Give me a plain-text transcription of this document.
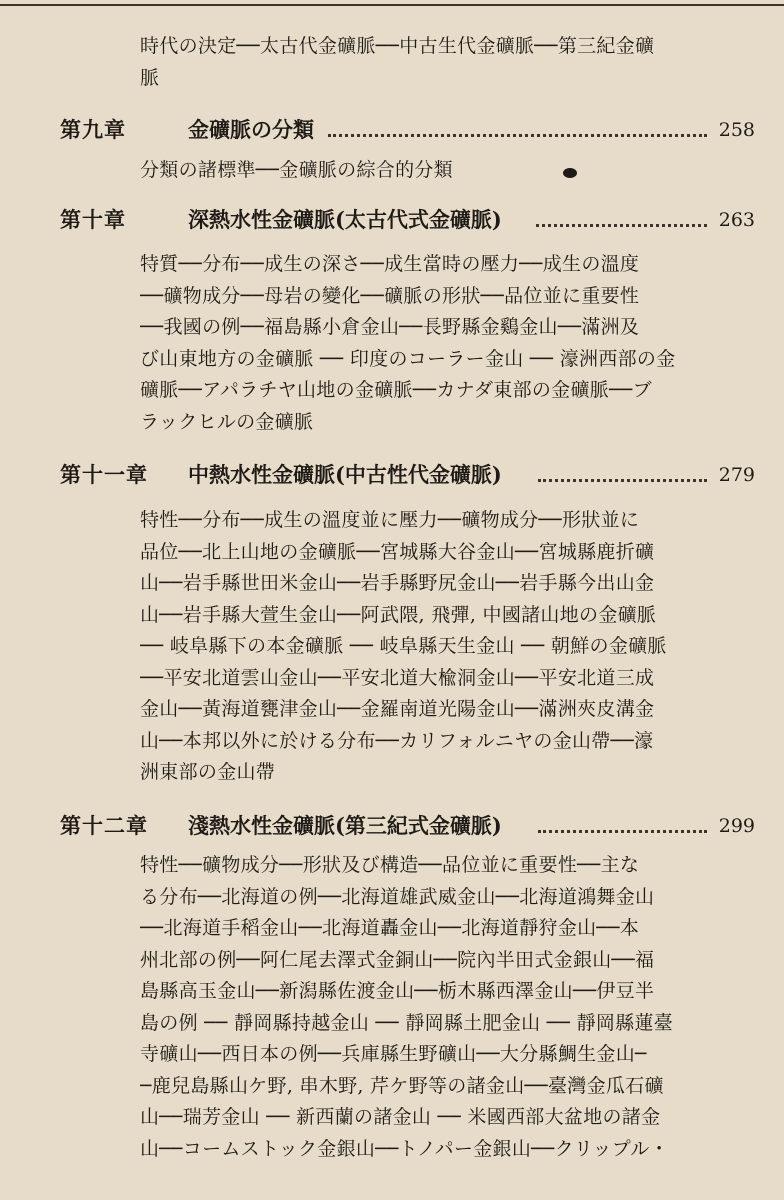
時代の決定──太古代金礦脈──中古生代金礦脈──第三紀金礦
脈
第九章	金礦脈の分類	258
分類の諸標準──金礦脈の綜合的分類
第十章	深熱水性金礦脈(太古代式金礦脈)	263
特質──分布──成生の深さ──成生當時の壓力──成生の溫度
──礦物成分──母岩の變化──礦脈の形狀──品位並に重要性
──我國の例──福島縣小倉金山──長野縣金鷄金山──滿洲及
び山東地方の金礦脈 ── 印度のコーラー金山 ── 濠洲西部の金
礦脈──アパラチヤ山地の金礦脈──カナダ東部の金礦脈──ブ
ラックヒルの金礦脈
第十一章 中熱水性金礦脈(中古性代金礦脈)	279
特性──分布──成生の溫度並に壓力──礦物成分──形狀並に
品位──北上山地の金礦脈──宮城縣大谷金山──宮城縣鹿折礦
山──岩手縣世田米金山──岩手縣野尻金山──岩手縣今出山金
山──岩手縣大萱生金山──阿武隈, 飛彈, 中國諸山地の金礦脈
── 岐阜縣下の本金礦脈 ── 岐阜縣天生金山 ── 朝鮮の金礦脈
──平安北道雲山金山──平安北道大楡洞金山──平安北道三成
金山──黃海道甕津金山──金羅南道光陽金山──滿洲夾皮溝金
山──本邦以外に於ける分布──カリフォルニヤの金山帶──濠
洲東部の金山帶
第十二章 淺熱水性金礦脈(第三紀式金礦脈)	299
特性──礦物成分──形狀及び構造──品位並に重要性──主な
る分布──北海道の例──北海道雄武威金山──北海道鴻舞金山
──北海道手稻金山──北海道轟金山──北海道靜狩金山──本
州北部の例──阿仁尾去澤式金銅山──院內半田式金銀山──福
島縣高玉金山──新潟縣佐渡金山──栃木縣西澤金山──伊豆半
島の例 ── 靜岡縣持越金山 ── 靜岡縣土肥金山 ── 靜岡縣蓮臺
寺礦山──西日本の例──兵庫縣生野礦山──大分縣鯛生金山─
─鹿兒島縣山ケ野, 串木野, 芹ケ野等の諸金山──臺灣金瓜石礦
山──瑞芳金山 ── 新西蘭の諸金山 ── 米國西部大盆地の諸金
山──コームストック金銀山──トノパー金銀山──クリップル・
